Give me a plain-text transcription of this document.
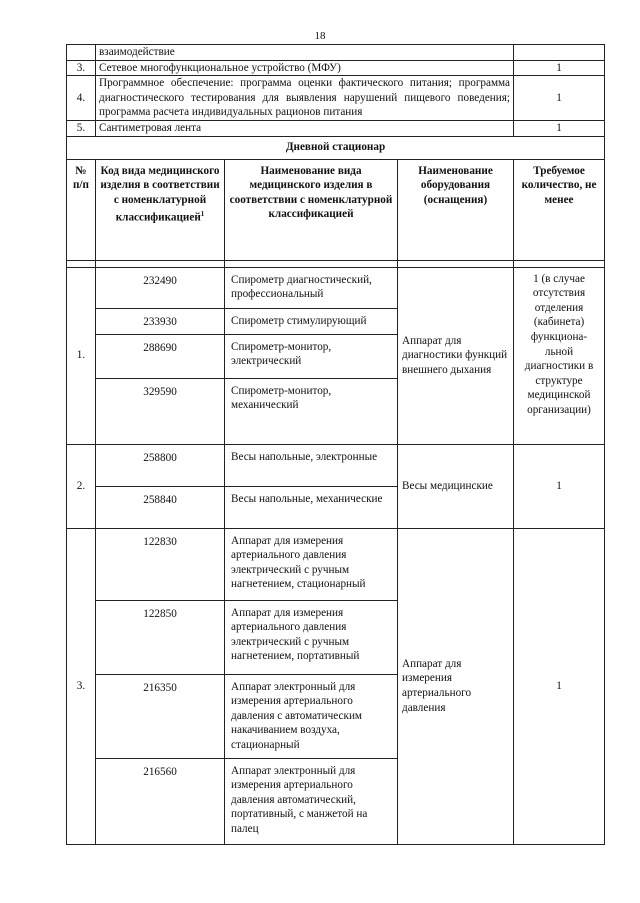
18
	взаимодействие			
3.	Сетевое многофункциональное устройство (МФУ)			1
4.	Программное обеспечение: программа оценки фактического питания; программа диагностического тестирования для выявления нарушений пищевого поведения; программа расчета индивидуальных рационов питания			1
5.	Сантиметровая лента			1
Дневной стационар				
№ п/п	Код вида медицинского изделия в соответствии с номенклатурной классификацией$^1$	Наименование вида медицинского изделия в соответствии с номенклатурной классификацией	Наименование оборудования (оснащения)	Требуемое количество, не менее

1.	232490	Спирометр диагностический, профессиональный	Аппарат для диагностики функций внешнего дыхания	1 (в случае отсутствия отделения (кабинета) функциона-льной диагностики в структуре медицинской организации)
	233930	Спирометр стимулирующий		
	288690	Спирометр-монитор, электрический		
	329590	Спирометр-монитор, механический		
2.	258800	Весы напольные, электронные	Весы медицинские	1
	258840	Весы напольные, механические		
3.	122830	Аппарат для измерения артериального давления электрический с ручным нагнетением, стационарный	Аппарат для измерения артериального давления	1
	122850	Аппарат для измерения артериального давления электрический с ручным нагнетением, портативный		
	216350	Аппарат электронный для измерения артериального давления с автоматическим накачиванием воздуха, стационарный		
	216560	Аппарат электронный для измерения артериального давления автоматический, портативный, с манжетой на палец		
